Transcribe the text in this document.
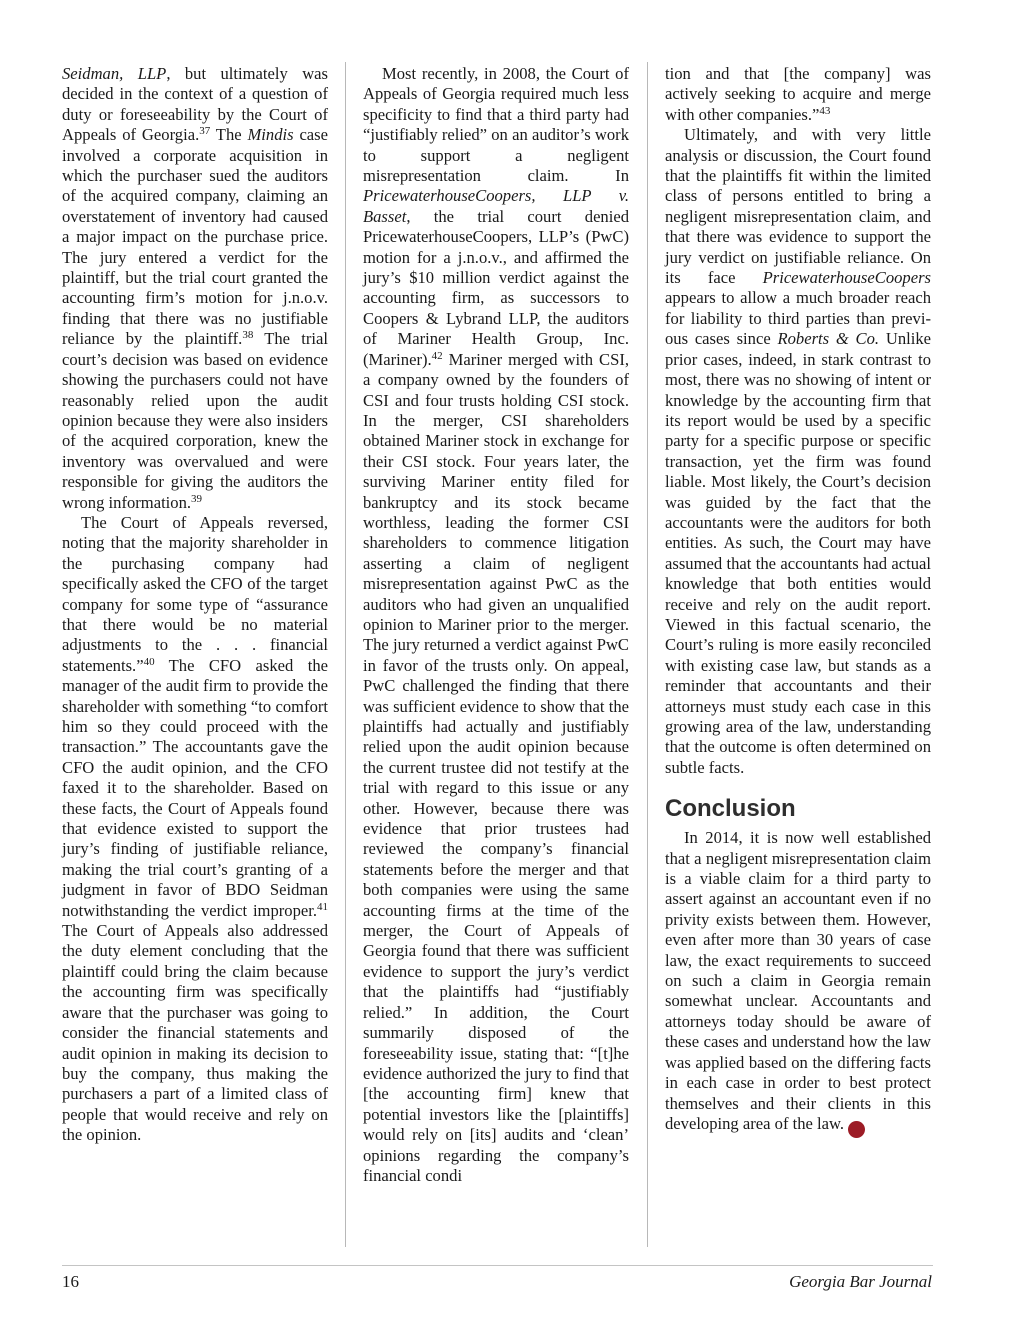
Seidman, LLP, but ultimately was decided in the context of a question of duty or foreseeability by the Court of Appeals of Georgia.$^{37}$ The Mindis case involved a corporate acquisition in which the purchaser sued the auditors of the acquired company, claiming an overstatement of inventory had caused a major impact on the purchase price. The jury entered a verdict for the plaintiff, but the trial court granted the accounting firm’s motion for j.n.o.v. finding that there was no justifiable reliance by the plaintiff.$^{38}$ The trial court’s decision was based on evidence showing the purchasers could not have reasonably relied upon the audit opinion because they were also insiders of the acquired corporation, knew the inventory was overvalued and were responsible for giving the auditors the wrong information.$^{39}$

The Court of Appeals reversed, noting that the majority shareholder in the purchasing company had specifically asked the CFO of the target company for some type of “assurance that there would be no material adjustments to the . . . financial statements.”$^{40}$ The CFO asked the manager of the audit firm to provide the shareholder with something “to comfort him so they could proceed with the transaction.” The accountants gave the CFO the audit opinion, and the CFO faxed it to the shareholder. Based on these facts, the Court of Appeals found that evidence existed to support the jury’s finding of justifiable reliance, making the trial court’s granting of a judgment in favor of BDO Seidman notwithstanding the verdict improper.$^{41}$ The Court of Appeals also addressed the duty element concluding that the plaintiff could bring the claim because the accounting firm was specifically aware that the purchaser was going to consider the financial statements and audit opinion in making its decision to buy the company, thus making the purchasers a part of a limited class of people that would receive and rely on the opinion.

Most recently, in 2008, the Court of Appeals of Georgia required much less specificity to find that a third party had “justifiably relied” on an auditor’s work to support a negligent misrepresentation claim. In PricewaterhouseCoopers, LLP v. Basset, the trial court denied PricewaterhouseCoopers, LLP’s (PwC) motion for a j.n.o.v., and affirmed the jury’s $10 million verdict against the accounting firm, as successors to Coopers & Lybrand LLP, the auditors of Mariner Health Group, Inc. (Mariner).$^{42}$ Mariner merged with CSI, a company owned by the founders of CSI and four trusts holding CSI stock. In the merger, CSI shareholders obtained Mariner stock in exchange for their CSI stock. Four years later, the surviving Mariner entity filed for bankruptcy and its stock became worthless, leading the former CSI shareholders to commence litigation asserting a claim of negligent misrepresentation against PwC as the auditors who had given an unqualified opinion to Mariner prior to the merger. The jury returned a verdict against PwC in favor of the trusts only. On appeal, PwC challenged the finding that there was sufficient evidence to show that the plaintiffs had actually and justifiably relied upon the audit opinion because the current trustee did not testify at the trial with regard to this issue or any other. However, because there was evidence that prior trustees had reviewed the company’s financial statements before the merger and that both companies were using the same accounting firms at the time of the merger, the Court of Appeals of Georgia found that there was sufficient evidence to support the jury’s verdict that the plaintiffs had “justifiably relied.” In addition, the Court summarily disposed of the foreseeability issue, stating that: “[t]he evidence authorized the jury to find that [the accounting firm] knew that potential investors like the [plaintiffs] would rely on [its] audits and ‘clean’ opinions regarding the company’s financial condi

tion and that [the company] was actively seeking to acquire and merge with other companies.”$^{43}$

Ultimately, and with very little analysis or discussion, the Court found that the plaintiffs fit within the limited class of persons entitled to bring a negligent misrepresentation claim, and that there was evidence to support the jury verdict on justifiable reliance. On its face PricewaterhouseCoopers appears to allow a much broader reach for liability to third parties than previous cases since Roberts & Co. Unlike prior cases, indeed, in stark contrast to most, there was no showing of intent or knowledge by the accounting firm that its report would be used by a specific party for a specific purpose or specific transaction, yet the firm was found liable. Most likely, the Court’s decision was guided by the fact that the accountants were the auditors for both entities. As such, the Court may have assumed that the accountants had actual knowledge that both entities would receive and rely on the audit report. Viewed in this factual scenario, the Court’s ruling is more easily reconciled with existing case law, but stands as a reminder that accountants and their attorneys must study each case in this growing area of the law, understanding that the outcome is often determined on subtle facts.

Conclusion

In 2014, it is now well established that a negligent misrepresentation claim is a viable claim for a third party to assert against an accountant even if no privity exists between them. However, even after more than 30 years of case law, the exact requirements to succeed on such a claim in Georgia remain somewhat unclear. Accountants and attorneys today should be aware of these cases and understand how the law was applied based on the differing facts in each case in order to best protect themselves and their clients in this developing area of the law.	GBJ

16	Georgia Bar Journal
